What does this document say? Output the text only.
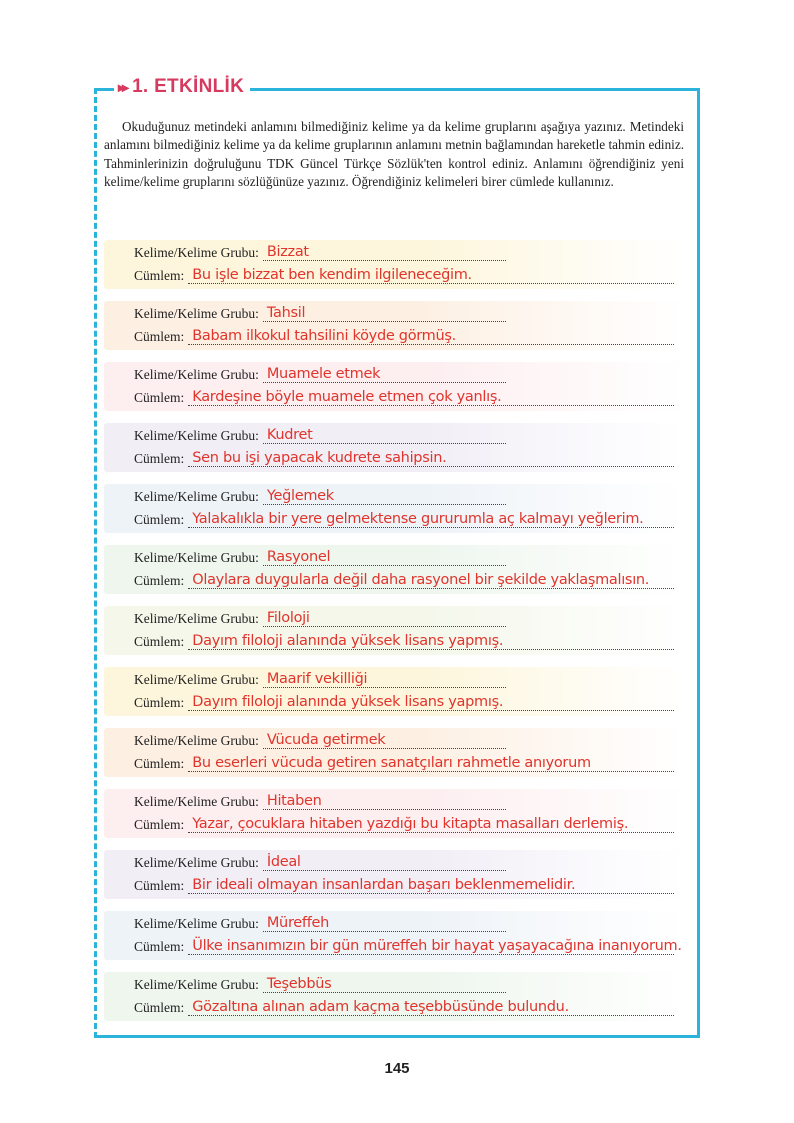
▸▸ 1. ETKİNLİK

Okuduğunuz metindeki anlamını bilmediğiniz kelime ya da kelime gruplarını aşağıya yazınız. Metindeki anlamını bilmediğiniz kelime ya da kelime gruplarının anlamını metnin bağlamından hareketle tahmin ediniz. Tahminlerinizin doğruluğunu TDK Güncel Türkçe Sözlük'ten kontrol ediniz. Anlamını öğrendiğiniz yeni kelime/kelime gruplarını sözlüğünüze yazınız. Öğrendiğiniz kelimeleri birer cümlede kullanınız.

Kelime/Kelime Grubu: Bizzat
Cümlem: Bu işle bizzat ben kendim ilgileneceğim.
Kelime/Kelime Grubu: Tahsil
Cümlem: Babam ilkokul tahsilini köyde görmüş.
Kelime/Kelime Grubu: Muamele etmek
Cümlem: Kardeşine böyle muamele etmen çok yanlış.
Kelime/Kelime Grubu: Kudret
Cümlem: Sen bu işi yapacak kudrete sahipsin.
Kelime/Kelime Grubu: Yeğlemek
Cümlem: Yalakalıkla bir yere gelmektense gururumla aç kalmayı yeğlerim.
Kelime/Kelime Grubu: Rasyonel
Cümlem: Olaylara duygularla değil daha rasyonel bir şekilde yaklaşmalısın.
Kelime/Kelime Grubu: Filoloji
Cümlem: Dayım filoloji alanında yüksek lisans yapmış.
Kelime/Kelime Grubu: Maarif vekilliği
Cümlem: Dayım filoloji alanında yüksek lisans yapmış.
Kelime/Kelime Grubu: Vücuda getirmek
Cümlem: Bu eserleri vücuda getiren sanatçıları rahmetle anıyorum
Kelime/Kelime Grubu: Hitaben
Cümlem: Yazar, çocuklara hitaben yazdığı bu kitapta masalları derlemiş.
Kelime/Kelime Grubu: İdeal
Cümlem: Bir ideali olmayan insanlardan başarı beklenmemelidir.
Kelime/Kelime Grubu: Müreffeh
Cümlem: Ülke insanımızın bir gün müreffeh bir hayat yaşayacağına inanıyorum.
Kelime/Kelime Grubu: Teşebbüs
Cümlem: Gözaltına alınan adam kaçma teşebbüsünde bulundu.
145
